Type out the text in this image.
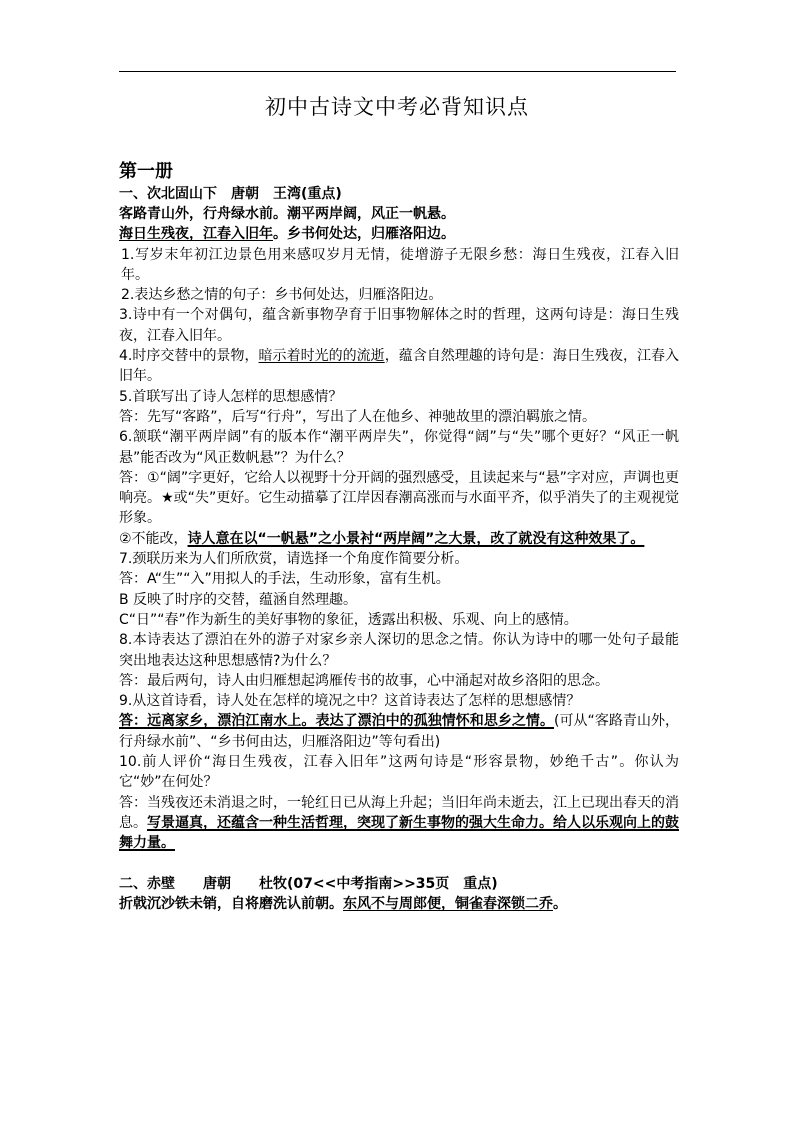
初中古诗文中考必背知识点

第一册

一、次北固山下　唐朝　王湾(重点)

客路青山外，行舟绿水前。潮平两岸阔，风正一帆悬。

海日生残夜，江春入旧年。乡书何处达，归雁洛阳边。

1.写岁末年初江边景色用来感叹岁月无情，徒增游子无限乡愁：海日生残夜，江春入旧年。

2.表达乡愁之情的句子：乡书何处达，归雁洛阳边。

3.诗中有一个对偶句，蕴含新事物孕育于旧事物解体之时的哲理，这两句诗是：海日生残夜，江春入旧年。

4.时序交替中的景物，暗示着时光的的流逝，蕴含自然理趣的诗句是：海日生残夜，江春入旧年。

5.首联写出了诗人怎样的思想感情？

答：先写“客路”，后写“行舟”，写出了人在他乡、神驰故里的漂泊羁旅之情。

6.颔联“潮平两岸阔”有的版本作“潮平两岸失”，你觉得“阔”与“失”哪个更好？“风正一帆悬”能否改为“风正数帆悬”？为什么？

答：①“阔”字更好，它给人以视野十分开阔的强烈感受，且读起来与“悬”字对应，声调也更响亮。★或“失”更好。它生动描摹了江岸因春潮高涨而与水面平齐，似乎消失了的主观视觉形象。

②不能改，诗人意在以“一帆悬”之小景衬“两岸阔”之大景，改了就没有这种效果了。

7.颈联历来为人们所欣赏，请选择一个角度作简要分析。

答：A“生”“入”用拟人的手法，生动形象，富有生机。

B 反映了时序的交替，蕴涵自然理趣。

C“日”“春”作为新生的美好事物的象征，透露出积极、乐观、向上的感情。

8.本诗表达了漂泊在外的游子对家乡亲人深切的思念之情。你认为诗中的哪一处句子最能 突出地表达这种思想感情?为什么？

答：最后两句，诗人由归雁想起鸿雁传书的故事，心中涌起对故乡洛阳的思念。

9.从这首诗看，诗人处在怎样的境况之中？这首诗表达了怎样的思想感情？

答：远离家乡，漂泊江南水上。表达了漂泊中的孤独情怀和思乡之情。(可从“客路青山外，行舟绿水前”、“乡书何由达，归雁洛阳边”等句看出)

10.前人评价“海日生残夜，江春入旧年”这两句诗是“形容景物，妙绝千古”。你认为它“妙”在何处？

答：当残夜还未消退之时，一轮红日已从海上升起；当旧年尚未逝去，江上已现出春天的消息。写景逼真，还蕴含一种生活哲理，突现了新生事物的强大生命力。给人以乐观向上的鼓舞力量。

二、赤壁　　唐朝　　杜牧(07<<中考指南>>35页　重点)

折戟沉沙铁未销，自将磨洗认前朝。东风不与周郎便，铜雀春深锁二乔。
